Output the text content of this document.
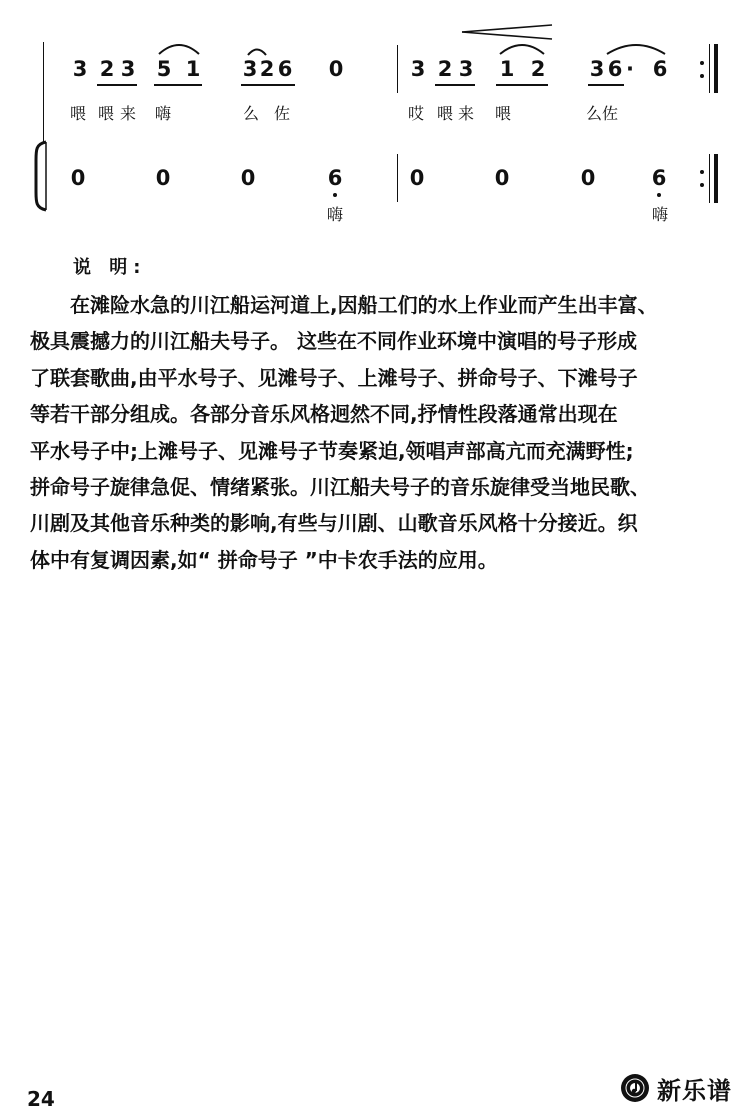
3 2 3 5 1 3 2 6 0	3 2 3 1 2 3 6 · 6
喂 喂 来 嗨	么 佐	哎 喂 来 喂	么佐
0	0	0	6	0	0	0	6
嗨	嗨
说 明:
在滩险水急的川江船运河道上,因船工们的水上作业而产生出丰富、
极具震撼力的川江船夫号子。 这些在不同作业环境中演唱的号子形成
了联套歌曲,由平水号子、见滩号子、上滩号子、拼命号子、下滩号子
等若干部分组成。各部分音乐风格迥然不同,抒情性段落通常出现在
平水号子中;上滩号子、见滩号子节奏紧迫,领唱声部高亢而充满野性;
拼命号子旋律急促、情绪紧张。川江船夫号子的音乐旋律受当地民歌、
川剧及其他音乐种类的影响,有些与川剧、山歌音乐风格十分接近。织
体中有复调因素,如“ 拼命号子 ”中卡农手法的应用。
24	新乐谱
